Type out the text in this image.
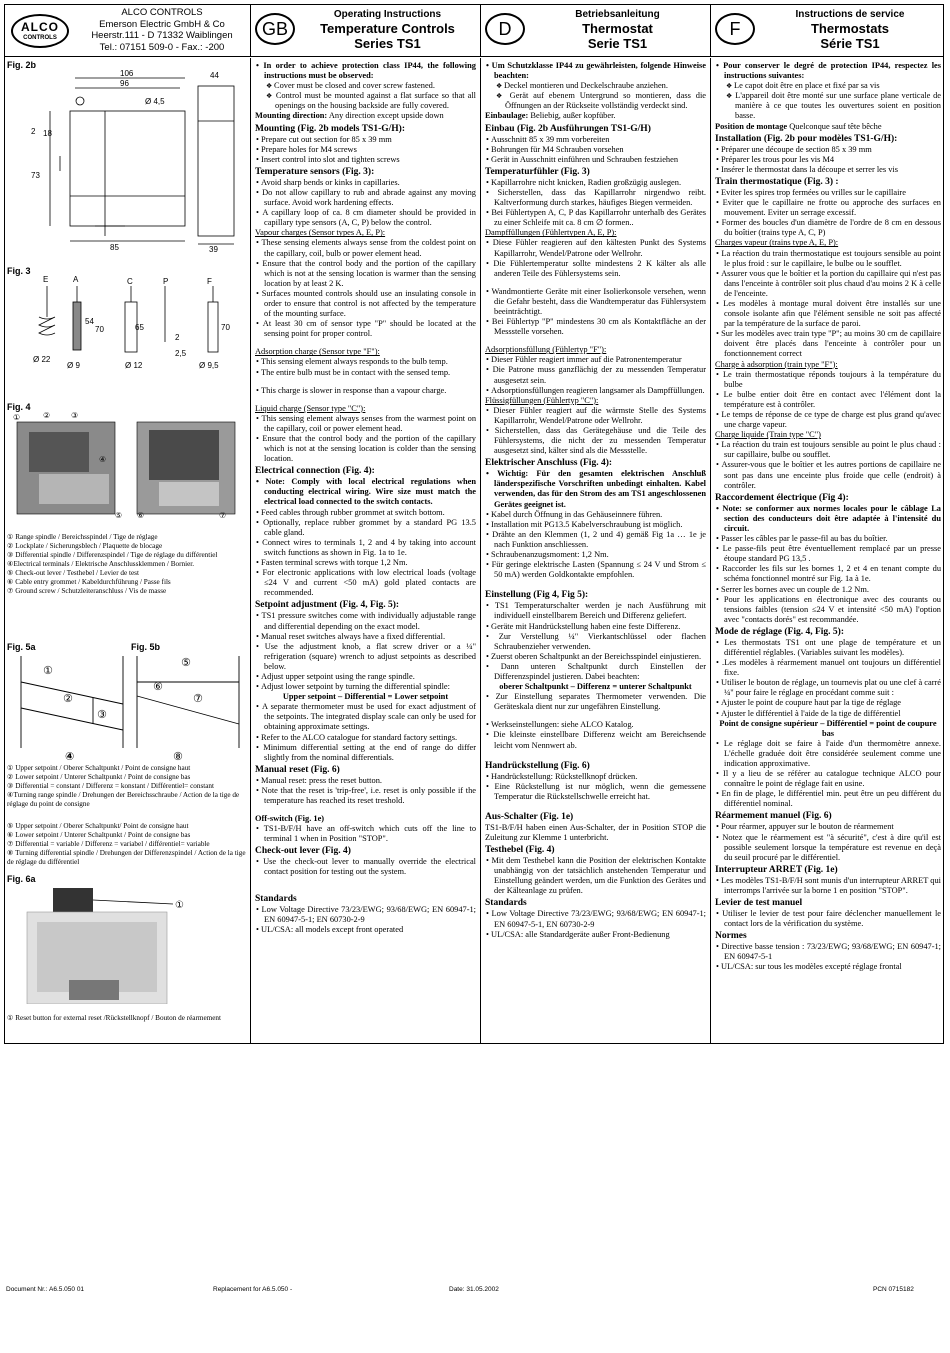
ALCO
CONTROLS
ALCO CONTROLS
Emerson Electric GmbH & Co
Heerstr.111 - D 71332 Waiblingen
Tel.: 07151 509-0 - Fax.: -200
GB
Operating Instructions
Temperature Controls
Series TS1
D
Betriebsanleitung
Thermostat
Serie TS1
F
Instructions de service
Thermostats
Série TS1
Fig. 2b
106
96
Ø 4,5
44
2 18
73
85	39
Fig. 3
E	A	C	P	F
Ø 22
Ø 9
54
70	65
Ø 12
2
2,5
70
Ø 9,5
Fig. 4
①	②	③
④
⑤ ⑥	⑦
① Range spindle / Bereichsspindel / Tige de réglage
② Lockplate / Sicherungsblech / Plaquette de blocage
③ Differential spindle / Differenzspindel / Tige de réglage du différentiel
④Electrical terminals / Elektrische Anschlussklemmen / Bornier.
⑤ Check-out lever / Testhebel / Levier de test
⑥ Cable entry grommet / Kabeldurchführung / Passe fils
⑦ Ground screw / Schutzleiteranschluss / Vis de masse
Fig. 5a	Fig. 5b
①
②
③
④
⑤
⑥
⑦
⑧
① Upper setpoint / Oberer Schaltpunkt / Point de consigne haut
② Lower setpoint / Unterer Schaltpunkt / Point de consigne bas
③ Differential = constant / Differenz = konstant / Différentiel= constant
④Turning range spindle / Drehungen der Bereichsschraube / Action de la tige de réglage du point de consigne
⑤ Upper setpoint / Oberer Schaltpunkt/ Point de consigne haut
⑥ Lower setpoint / Unterer Schaltpunkt / Point de consigne bas
⑦ Differential = variable / Differenz = variabel / différentiel= variable
⑧ Turning differential spindle / Drehungen der Differenzspindel / Action de la tige de réglage du différentiel
Fig. 6a
①
① Reset button for external reset /Rückstellknopf / Bouton de réarmement

• In order to achieve protection class IP44, the following instructions must be observed:

❖ Cover must be closed and cover screw fastened.

❖ Control must be mounted against a flat surface so that all openings on the housing backside are fully covered.

Mounting direction: Any direction except upside down

Mounting (Fig. 2b models TS1-G/H):

• Prepare cut out section for 85 x 39 mm

• Prepare holes for M4 screws

• Insert control into slot and tighten screws

Temperature sensors (Fig. 3):

• Avoid sharp bends or kinks in capillaries.

• Do not allow capillary to rub and abrade against any moving surface. Avoid work hardening effects.

• A capillary loop of ca. 8 cm diameter should be provided in capillary type sensors (A, C, P) below the control.

Vapour charges (Sensor types A, E, P):

• These sensing elements always sense from the coldest point on the capillary, coil, bulb or power element head.

• Ensure that the control body and the portion of the capillary which is not at the sensing location is warmer than the sensing location by at least 2 K.

• Surfaces mounted controls should use an insulating console in order to ensure that control is not affected by the temperature of the mounting surface.

• At least 30 cm of sensor type "P" should be located at the sensing point for proper control.

Adsorption charge (Sensor type "F"):

• This sensing element always responds to the bulb temp.

• The entire bulb must be in contact with the sensed temp.

• This charge is slower in response than a vapour charge.

Liquid charge (Sensor type "C"):

• This sensing element always senses from the warmest point on the capillary, coil or power element head.

• Ensure that the control body and the portion of the capillary which is not at the sensing location is colder than the sensing location.

Electrical connection (Fig. 4):

• Note: Comply with local electrical regulations when conducting electrical wiring. Wire size must match the electrical load connected to the switch contacts.

• Feed cables through rubber grommet at switch bottom.

• Optionally, replace rubber grommet by a standard PG 13.5 cable gland.

• Connect wires to terminals 1, 2 and 4 by taking into account switch functions as shown in Fig. 1a to 1e.

• Fasten terminal screws with torque 1,2 Nm.

• For electronic applications with low electrical loads (voltage ≤24 V and current <50 mA) gold plated contacts are recommended.

Setpoint adjustment (Fig. 4, Fig. 5):

• TS1 pressure switches come with individually adjustable range and differential depending on the exact model.

• Manual reset switches always have a fixed differential.

• Use the adjustment knob, a flat screw driver or a ¼" refrigeration (square) wrench to adjust setpoints as described below.

• Adjust upper setpoint using the range spindle.

• Adjust lower setpoint by turning the differential spindle:

Upper setpoint – Differential = Lower setpoint

• A separate thermometer must be used for exact adjustment of the setpoints. The integrated display scale can only be used for obtaining approximate settings.

• Refer to the ALCO catalogue for standard factory settings.

• Minimum differential setting at the end of range do differ slightly from the nominal differentials.

Manual reset (Fig. 6)

• Manual reset: press the reset button.

• Note that the reset is 'trip-free', i.e. reset is only possible if the temperature has reached its reset treshold.

Off-switch (Fig. 1e)

• TS1-B/F/H have an off-switch which cuts off the line to terminal 1 when in Position "STOP".

Check-out lever (Fig. 4)

• Use the check-out lever to manually override the electrical contact position for testing out the system.

Standards

• Low Voltage Directive 73/23/EWG; 93/68/EWG; EN 60947-1; EN 60947-5-1; EN 60730-2-9

• UL/CSA: all models except front operated

• Um Schutzklasse IP44 zu gewährleisten, folgende Hinweise beachten:

❖ Deckel montieren und Deckelschraube anziehen.

❖ Gerät auf ebenem Untergrund so montieren, dass die Öffnungen an der Rückseite vollständig verdeckt sind.

Einbaulage: Beliebig, außer kopfüber.

Einbau (Fig. 2b Ausführungen TS1-G/H)

• Ausschnitt 85 x 39 mm vorbereiten

• Bohrungen für M4 Schrauben vorsehen

• Gerät in Ausschnitt einführen und Schrauben festziehen

Temperaturfühler (Fig. 3)

• Kapillarrohre nicht knicken, Radien großzügig auslegen.

• Sicherstellen, dass das Kapillarrohr nirgendwo reibt. Kaltverformung durch starkes, häufiges Biegen vermeiden.

• Bei Fühlertypen A, C, P das Kapillarrohr unterhalb des Gerätes zu einer Schleife mit ca. 8 cm ∅ formen..

Dampffüllungen (Fühlertypen A, E, P):

• Diese Fühler reagieren auf den kältesten Punkt des Systems Kapillarrohr, Wendel/Patrone oder Wellrohr.

• Die Fühlertemperatur sollte mindestens 2 K kälter als alle anderen Teile des Fühlersystems sein.

• Wandmontierte Geräte mit einer Isolierkonsole versehen, wenn die Gefahr besteht, dass die Wandtemperatur das Fühlersystem beeinträchtigt.

• Bei Fühlertyp "P" mindestens 30 cm als Kontaktfläche an der Messstelle vorsehen.

Adsorptionsfüllung (Fühlertyp "F"):

• Dieser Fühler reagiert immer auf die Patronentemperatur

• Die Patrone muss ganzflächig der zu messenden Temperatur ausgesetzt sein.

• Adsorptionsfüllungen reagieren langsamer als Dampffüllungen.

Flüssigfüllungen (Fühlertyp "C"):

• Dieser Fühler reagiert auf die wärmste Stelle des Systems Kapillarrohr, Wendel/Patrone oder Wellrohr.

• Sicherstellen, dass das Gerätegehäuse und die Teile des Fühlersystems, die nicht der zu messenden Temperatur ausgesetzt sind, kälter sind als die Messstelle.

Elektrischer Anschluss (Fig. 4):

• Wichtig: Für den gesamten elektrischen Anschluß länderspezifische Vorschriften unbedingt einhalten. Kabel verwenden, das für den Strom des am TS1 angeschlossenen Gerätes geeignet ist.

• Kabel durch Öffnung in das Gehäuseinnere führen.

• Installation mit PG13.5 Kabelverschraubung ist möglich.

• Drähte an den Klemmen (1, 2 und 4) gemäß Fig 1a … 1e je nach Funktion anschliessen.

• Schraubenanzugsmoment: 1,2 Nm.

• Für geringe elektrische Lasten (Spannung ≤ 24 V und Strom ≤ 50 mA) werden Goldkontakte empfohlen.

Einstellung (Fig 4, Fig 5):

• TS1 Temperaturschalter werden je nach Ausführung mit individuell einstellbarem Bereich und Differenz geliefert.

• Geräte mit Handrückstellung haben eine feste Differenz.

• Zur Verstellung ¼" Vierkantschlüssel oder flachen Schraubenzieher verwenden.

• Zuerst oberen Schaltpunkt an der Bereichsspindel einjustieren.

• Dann unteren Schaltpunkt durch Einstellen der Differenzspindel justieren. Dabei beachten:

oberer Schaltpunkt – Differenz = unterer Schaltpunkt

• Zur Einstellung separates Thermometer verwenden. Die Geräteskala dient nur zur ungefähren Einstellung.

• Werkseinstellungen: siehe ALCO Katalog.

• Die kleinste einstellbare Differenz weicht am Bereichsende leicht vom Nennwert ab.

Handrückstellung (Fig. 6)

• Handrückstellung: Rückstellknopf drücken.

• Eine Rückstellung ist nur möglich, wenn die gemessene Temperatur die Rückstellschwelle erreicht hat.

Aus-Schalter (Fig. 1e)

TS1-B/F/H haben einen Aus-Schalter, der in Position STOP die Zuleitung zur Klemme 1 unterbricht.

Testhebel (Fig. 4)

• Mit dem Testhebel kann die Position der elektrischen Kontakte unabhängig von der tatsächlich anstehenden Temperatur und Einstellung geändert werden, um die Funktion des Gerätes und der Kälteanlage zu prüfen.

Standards

• Low Voltage Directive 73/23/EWG; 93/68/EWG; EN 60947-1; EN 60947-5-1, EN 60730-2-9

• UL/CSA: alle Standardgeräte außer Front-Bedienung

• Pour conserver le degré de protection IP44, respectez les instructions suivantes:

❖ Le capot doit être en place et fixé par sa vis

❖ L'appareil doit être monté sur une surface plane verticale de manière à ce que toutes les ouvertures soient en position basse.

Position de montage Quelconque sauf tête bêche

Installation (Fig. 2b pour modèles TS1-G/H):

• Préparer une découpe de section 85 x 39 mm

• Préparer les trous pour les vis M4

• Insérer le thermostat dans la découpe et serrer les vis

Train thermostatique (Fig. 3) :

• Eviter les spires trop fermées ou vrilles sur le capillaire

• Eviter que le capillaire ne frotte ou approche des surfaces en mouvement. Eviter un serrage excessif.

• Former des boucles d'un diamètre de l'ordre de 8 cm en dessous du boîtier (trains type A, C, P)

Charges vapeur (trains type A, E, P):

• La réaction du train thermostatique est toujours sensible au point le plus froid : sur le capillaire, le bulbe ou le soufflet.

• Assurer vous que le boîtier et la portion du capillaire qui n'est pas dans l'enceinte à contrôler soit plus chaud d'au moins 2 K à celle de l'enceinte.

• Les modèles à montage mural doivent être installés sur une console isolante afin que l'élément sensible ne soit pas affecté par la température de la surface de paroi.

• Sur les modèles avec train type "P"; au moins 30 cm de capillaire doivent être placés dans l'enceinte à contrôler pour un fonctionnement correct

Charge à adsorption (train type "F"):

• Le train thermostatique réponds toujours à la température du bulbe

• Le bulbe entier doit être en contact avec l'élément dont la température est à contrôler.

• Le temps de réponse de ce type de charge est plus grand qu'avec une charge vapeur.

Charge liquide (Train type "C")

• La réaction du train est toujours sensible au point le plus chaud : sur capillaire, bulbe ou soufflet.

• Assurer-vous que le boîtier et les autres portions de capillaire ne sont pas dans une enceinte plus froide que celle (endroit) à contrôler.

Raccordement électrique (Fig 4):

• Note: se conformer aux normes locales pour le câblage La section des conducteurs doit être adaptée à l'intensité du circuit.

• Passer les câbles par le passe-fil au bas du boîtier.

• Le passe-fils peut être éventuellement remplacé par un presse étoupe standard PG 13,5 .

• Raccorder les fils sur les bornes 1, 2 et 4 en tenant compte du schéma fonctionnel montré sur Fig. 1a à 1e.

• Serrer les bornes avec un couple de 1.2 Nm.

• Pour les applications en électronique avec des courants ou tensions faibles (tension ≤24 V et intensité <50 mA) l'option avec "contacts dorés" est recommandée.

Mode de réglage (Fig. 4, Fig. 5):

• Les thermostats TS1 ont une plage de température et un différentiel réglables. (Variables suivant les modèles).

• .Les modèles à réarmement manuel ont toujours un différentiel fixe.

• Utiliser le bouton de réglage, un tournevis plat ou une clef à carré ¼" pour faire le réglage en procédant comme suit :

• Ajuster le point de coupure haut par la tige de réglage

• Ajuster le différentiel à l'aide de la tige de différentiel

Point de consigne supérieur – Différentiel = point de coupure bas

• Le réglage doit se faire à l'aide d'un thermomètre annexe. L'échelle graduée doit être considérée seulement comme une indication approximative.

• Il y a lieu de se référer au catalogue technique ALCO pour connaître le point de réglage fait en usine.

• En fin de plage, le différentiel min. peut être un peu différent du différentiel nominal.

Réarmement manuel (Fig. 6)

• Pour réarmer, appuyer sur le bouton de réarmement

• Notez que le réarmement est "à sécurité", c'est à dire qu'il est possible seulement lorsque la température est revenue en deçà du seuil procuré par le différentiel.

Interrupteur ARRET (Fig. 1e)

• Les modèles TS1-B/F/H sont munis d'un interrupteur ARRET qui interromps l'arrivée sur la borne 1 en position "STOP".

Levier de test manuel

• Utiliser le levier de test pour faire déclencher manuellement le contact lors de la vérification du système.

Normes

• Directive basse tension : 73/23/EWG; 93/68/EWG; EN 60947-1; EN 60947-5-1

• UL/CSA: sur tous les modèles excepté réglage frontal

Document Nr.: A6.5.050 01	Replacement for A6.5.050 -	Date: 31.05.2002	PCN 0715182
